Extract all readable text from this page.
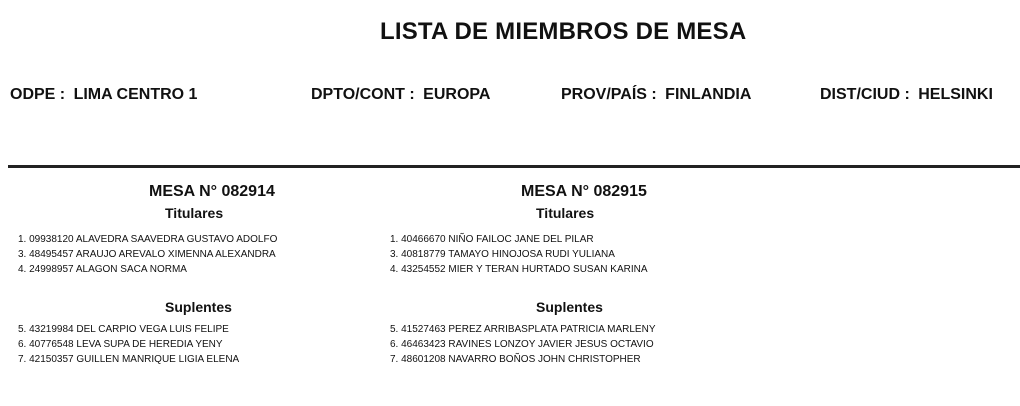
LISTA DE MIEMBROS DE MESA
ODPE : LIMA CENTRO 1	DPTO/CONT : EUROPA	PROV/PAÍS : FINLANDIA	DIST/CIUD : HELSINKI
MESA N° 082914
Titulares
1. 09938120 ALAVEDRA SAAVEDRA GUSTAVO ADOLFO
3. 48495457 ARAUJO AREVALO XIMENNA ALEXANDRA
4. 24998957 ALAGON SACA NORMA
Suplentes
5. 43219984 DEL CARPIO VEGA LUIS FELIPE
6. 40776548 LEVA SUPA DE HEREDIA YENY
7. 42150357 GUILLEN MANRIQUE LIGIA ELENA
MESA N° 082915
Titulares
1. 40466670 NIÑO FAILOC JANE DEL PILAR
3. 40818779 TAMAYO HINOJOSA RUDI YULIANA
4. 43254552 MIER Y TERAN HURTADO SUSAN KARINA
Suplentes
5. 41527463 PEREZ ARRIBASPLATA PATRICIA MARLENY
6. 46463423 RAVINES LONZOY JAVIER JESUS OCTAVIO
7. 48601208 NAVARRO BOÑOS JOHN CHRISTOPHER
